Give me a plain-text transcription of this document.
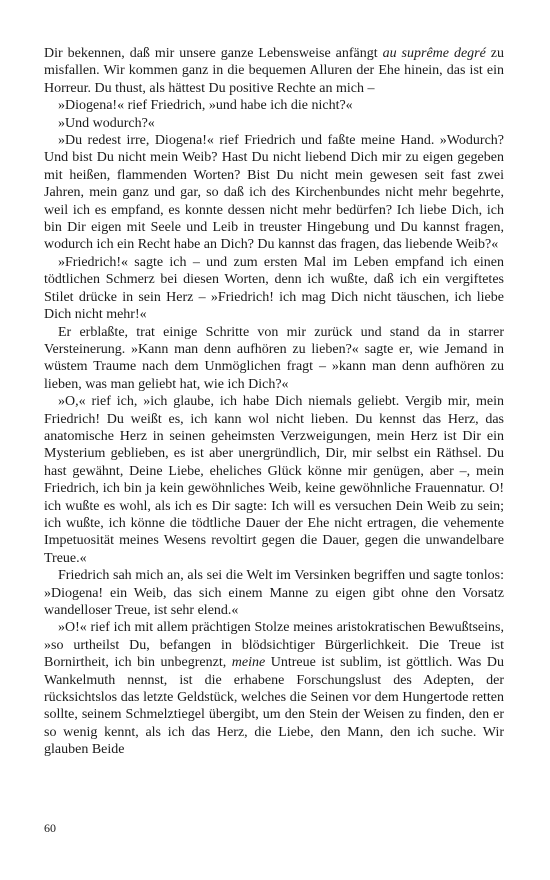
Dir bekennen, daß mir unsere ganze Lebensweise anfängt au suprême degré zu misfallen. Wir kommen ganz in die bequemen Alluren der Ehe hinein, das ist ein Horreur. Du thust, als hättest Du positive Rechte an mich –

»Diogena!« rief Friedrich, »und habe ich die nicht?«

»Und wodurch?«

»Du redest irre, Diogena!« rief Friedrich und faßte meine Hand. »Wodurch? Und bist Du nicht mein Weib? Hast Du nicht liebend Dich mir zu eigen gegeben mit heißen, flammenden Worten? Bist Du nicht mein gewesen seit fast zwei Jahren, mein ganz und gar, so daß ich des Kirchenbundes nicht mehr begehrte, weil ich es empfand, es konnte dessen nicht mehr bedürfen? Ich liebe Dich, ich bin Dir eigen mit Seele und Leib in treuster Hingebung und Du kannst fragen, wodurch ich ein Recht habe an Dich? Du kannst das fragen, das liebende Weib?«

»Friedrich!« sagte ich – und zum ersten Mal im Leben empfand ich einen tödtlichen Schmerz bei diesen Worten, denn ich wußte, daß ich ein vergiftetes Stilet drücke in sein Herz – »Friedrich! ich mag Dich nicht täuschen, ich liebe Dich nicht mehr!«

Er erblaßte, trat einige Schritte von mir zurück und stand da in starrer Versteinerung. »Kann man denn aufhören zu lieben?« sagte er, wie Jemand in wüstem Traume nach dem Unmöglichen fragt – »kann man denn aufhören zu lieben, was man geliebt hat, wie ich Dich?«

»O,« rief ich, »ich glaube, ich habe Dich niemals geliebt. Vergib mir, mein Friedrich! Du weißt es, ich kann wol nicht lieben. Du kennst das Herz, das anatomische Herz in seinen geheimsten Verzweigungen, mein Herz ist Dir ein Mysterium geblieben, es ist aber unergründlich, Dir, mir selbst ein Räthsel. Du hast gewähnt, Deine Liebe, eheliches Glück könne mir genügen, aber –, mein Friedrich, ich bin ja kein gewöhnliches Weib, keine gewöhnliche Frauennatur. O! ich wußte es wohl, als ich es Dir sagte: Ich will es versuchen Dein Weib zu sein; ich wußte, ich könne die tödtliche Dauer der Ehe nicht ertragen, die vehemente Impetuosität meines Wesens revoltirt gegen die Dauer, gegen die unwandelbare Treue.«

Friedrich sah mich an, als sei die Welt im Versinken begriffen und sagte tonlos: »Diogena! ein Weib, das sich einem Manne zu eigen gibt ohne den Vorsatz wandelloser Treue, ist sehr elend.«

»O!« rief ich mit allem prächtigen Stolze meines aristokratischen Bewußtseins, »so urtheilst Du, befangen in blödsichtiger Bürgerlichkeit. Die Treue ist Bornirtheit, ich bin unbegrenzt, meine Untreue ist sublim, ist göttlich. Was Du Wankelmuth nennst, ist die erhabene Forschungslust des Adepten, der rücksichtslos das letzte Geldstück, welches die Seinen vor dem Hungertode retten sollte, seinem Schmelztiegel übergibt, um den Stein der Weisen zu finden, den er so wenig kennt, als ich das Herz, die Liebe, den Mann, den ich suche. Wir glauben Beide

60
